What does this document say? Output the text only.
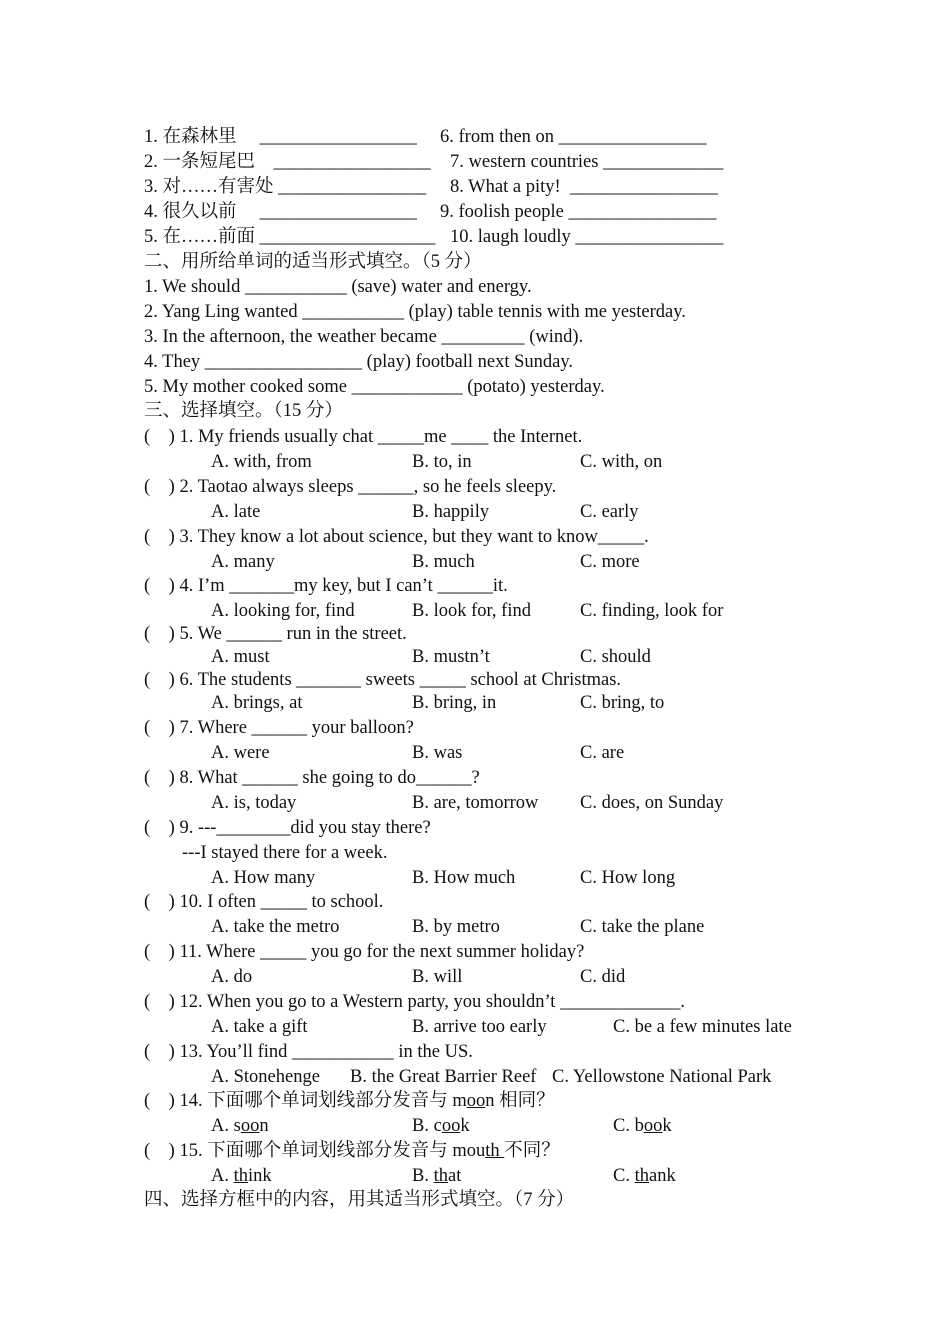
1. 在森林里　 _________________ 6. from then on ________________
2. 一条短尾巴　_________________ 7. western countries _____________
3. 对……有害处 ________________ 8. What a pity!  ________________
4. 很久以前　 _________________ 9. foolish people ________________
5. 在……前面 ___________________ 10. laugh loudly ________________
二、用所给单词的适当形式填空。（5 分）
1. We should ___________ (save) water and energy.
2. Yang Ling wanted ___________ (play) table tennis with me yesterday.
3. In the afternoon, the weather became _________ (wind).
4. They _________________ (play) football next Sunday.
5. My mother cooked some ____________ (potato) yesterday.
三、选择填空。（15 分）
(　) 1. My friends usually chat _____me ____ the Internet.
A. with, from	B. to, in	C. with, on
(　) 2. Taotao always sleeps ______, so he feels sleepy.
A. late	B. happily	C. early
(　) 3. They know a lot about science, but they want to know_____.
A. many	B. much	C. more
(　) 4. I’m _______my key, but I can’t ______it.
A. looking for, find	B. look for, find	C. finding, look for
(　) 5. We ______ run in the street.
A. must	B. mustn’t	C. should
(　) 6. The students _______ sweets _____ school at Christmas.
A. brings, at	B. bring, in	C. bring, to
(　) 7. Where ______ your balloon?
A. were	B. was	C. are
(　) 8. What ______ she going to do______?
A. is, today	B. are, tomorrow C. does, on Sunday
(　) 9. ---________did you stay there?
---I stayed there for a week.
A. How many	B. How much	C. How long
(　) 10. I often _____ to school.
A. take the metro	B. by metro	C. take the plane
(　) 11. Where _____ you go for the next summer holiday?
A. do	B. will	C. did
(　) 12. When you go to a Western party, you shouldn’t _____________.
A. take a gift	B. arrive too early	C. be a few minutes late
(　) 13. You’ll find ___________ in the US.
A. Stonehenge B. the Great Barrier Reef C. Yellowstone National Park
(　) 14. 下面哪个单词划线部分发音与 moon 相同？
A. soon	B. cook	C. book
(　) 15. 下面哪个单词划线部分发音与 mouth 不同？
A. think	B. that	C. thank
四、选择方框中的内容，用其适当形式填空。（7 分）
